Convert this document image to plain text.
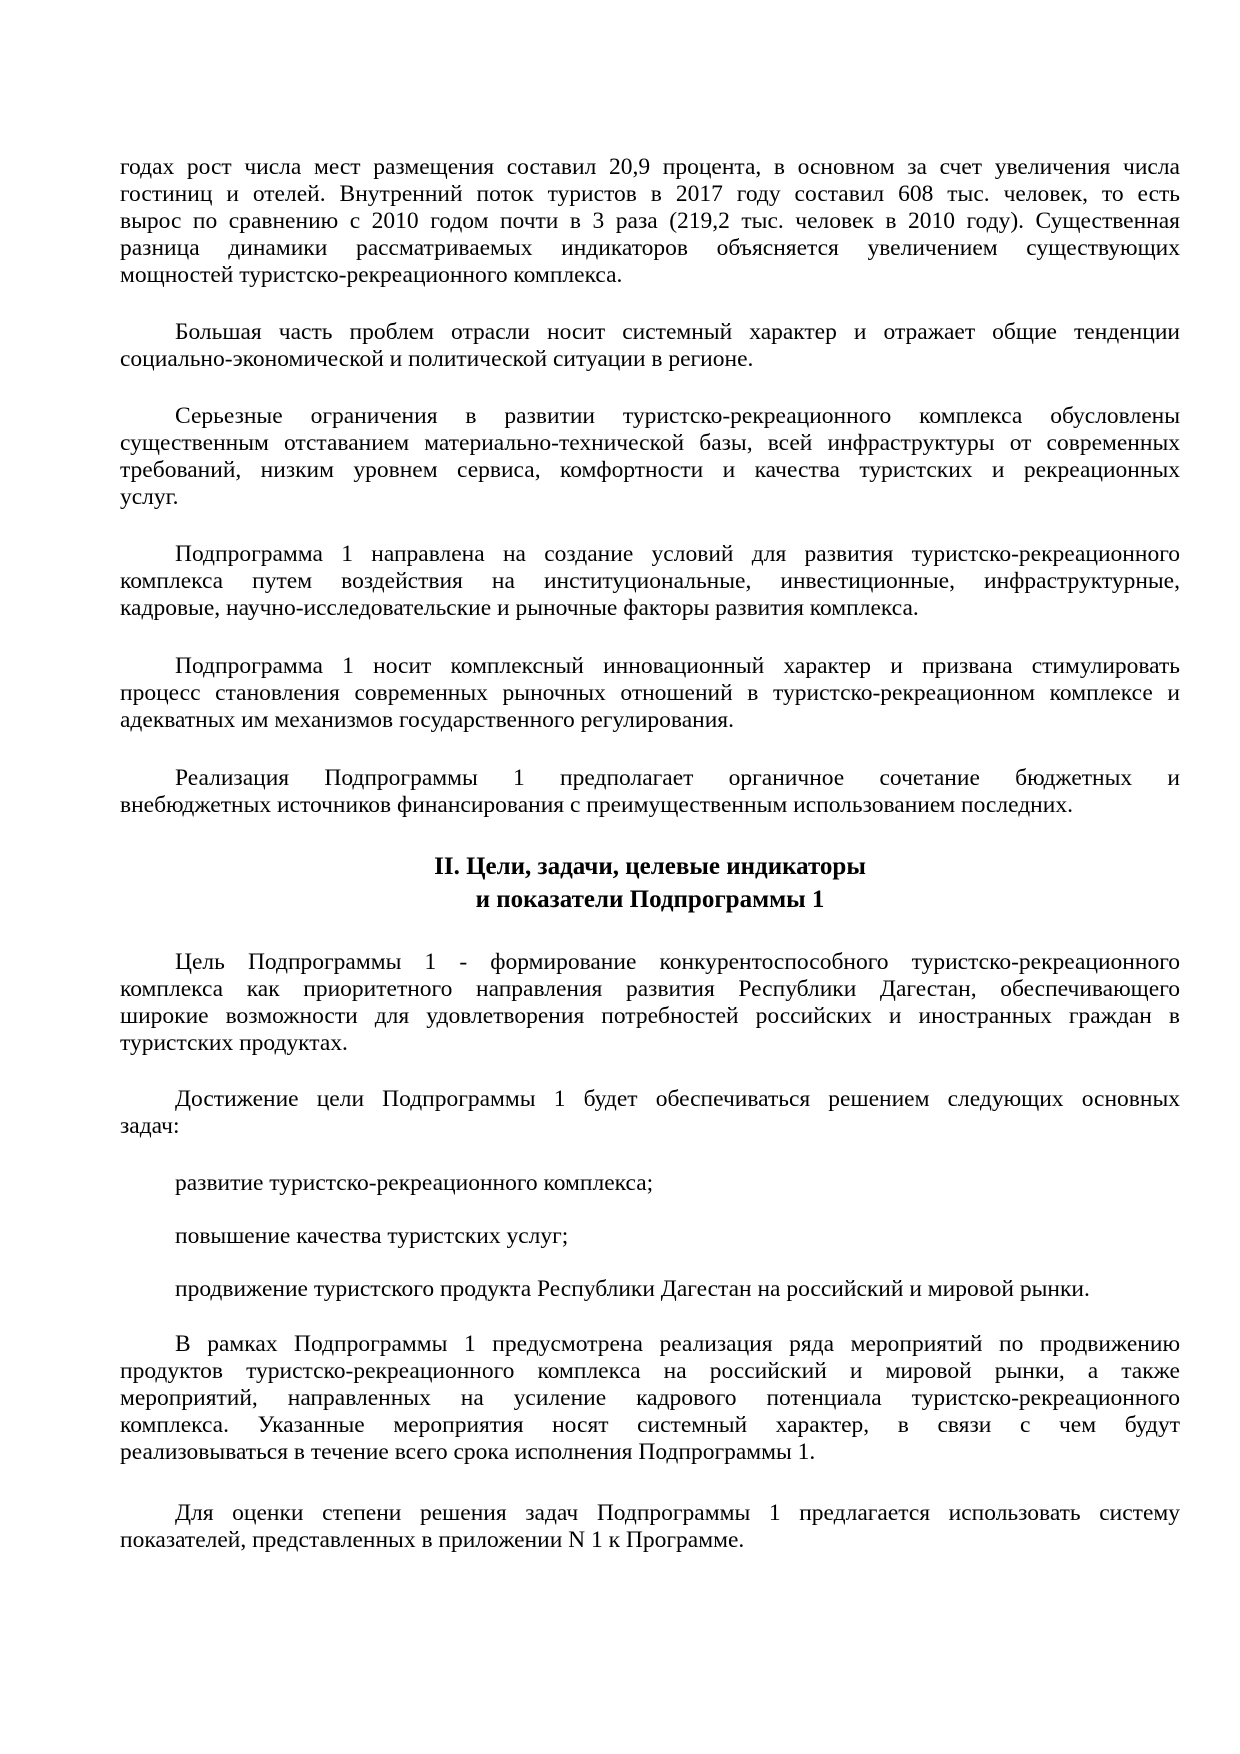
годах рост числа мест размещения составил 20,9 процента, в основном за счет увеличения числа
гостиниц и отелей. Внутренний поток туристов в 2017 году составил 608 тыс. человек, то есть
вырос по сравнению с 2010 годом почти в 3 раза (219,2 тыс. человек в 2010 году). Существенная
разница динамики рассматриваемых индикаторов объясняется увеличением существующих
мощностей туристско-рекреационного комплекса.
Большая часть проблем отрасли носит системный характер и отражает общие тенденции
социально-экономической и политической ситуации в регионе.
Серьезные ограничения в развитии туристско-рекреационного комплекса обусловлены
существенным отставанием материально-технической базы, всей инфраструктуры от современных
требований, низким уровнем сервиса, комфортности и качества туристских и рекреационных
услуг.
Подпрограмма 1 направлена на создание условий для развития туристско-рекреационного
комплекса путем воздействия на институциональные, инвестиционные, инфраструктурные,
кадровые, научно-исследовательские и рыночные факторы развития комплекса.
Подпрограмма 1 носит комплексный инновационный характер и призвана стимулировать
процесс становления современных рыночных отношений в туристско-рекреационном комплексе и
адекватных им механизмов государственного регулирования.
Реализация Подпрограммы 1 предполагает органичное сочетание бюджетных и
внебюджетных источников финансирования с преимущественным использованием последних.
Цель Подпрограммы 1 - формирование конкурентоспособного туристско-рекреационного
комплекса как приоритетного направления развития Республики Дагестан, обеспечивающего
широкие возможности для удовлетворения потребностей российских и иностранных граждан в
туристских продуктах.
Достижение цели Подпрограммы 1 будет обеспечиваться решением следующих основных
задач:
развитие туристско-рекреационного комплекса;
повышение качества туристских услуг;
продвижение туристского продукта Республики Дагестан на российский и мировой рынки.
В рамках Подпрограммы 1 предусмотрена реализация ряда мероприятий по продвижению
продуктов туристско-рекреационного комплекса на российский и мировой рынки, а также
мероприятий, направленных на усиление кадрового потенциала туристско-рекреационного
комплекса. Указанные мероприятия носят системный характер, в связи с чем будут
реализовываться в течение всего срока исполнения Подпрограммы 1.
Для оценки степени решения задач Подпрограммы 1 предлагается использовать систему
показателей, представленных в приложении N 1 к Программе.
II. Цели, задачи, целевые индикаторы
и показатели Подпрограммы 1
